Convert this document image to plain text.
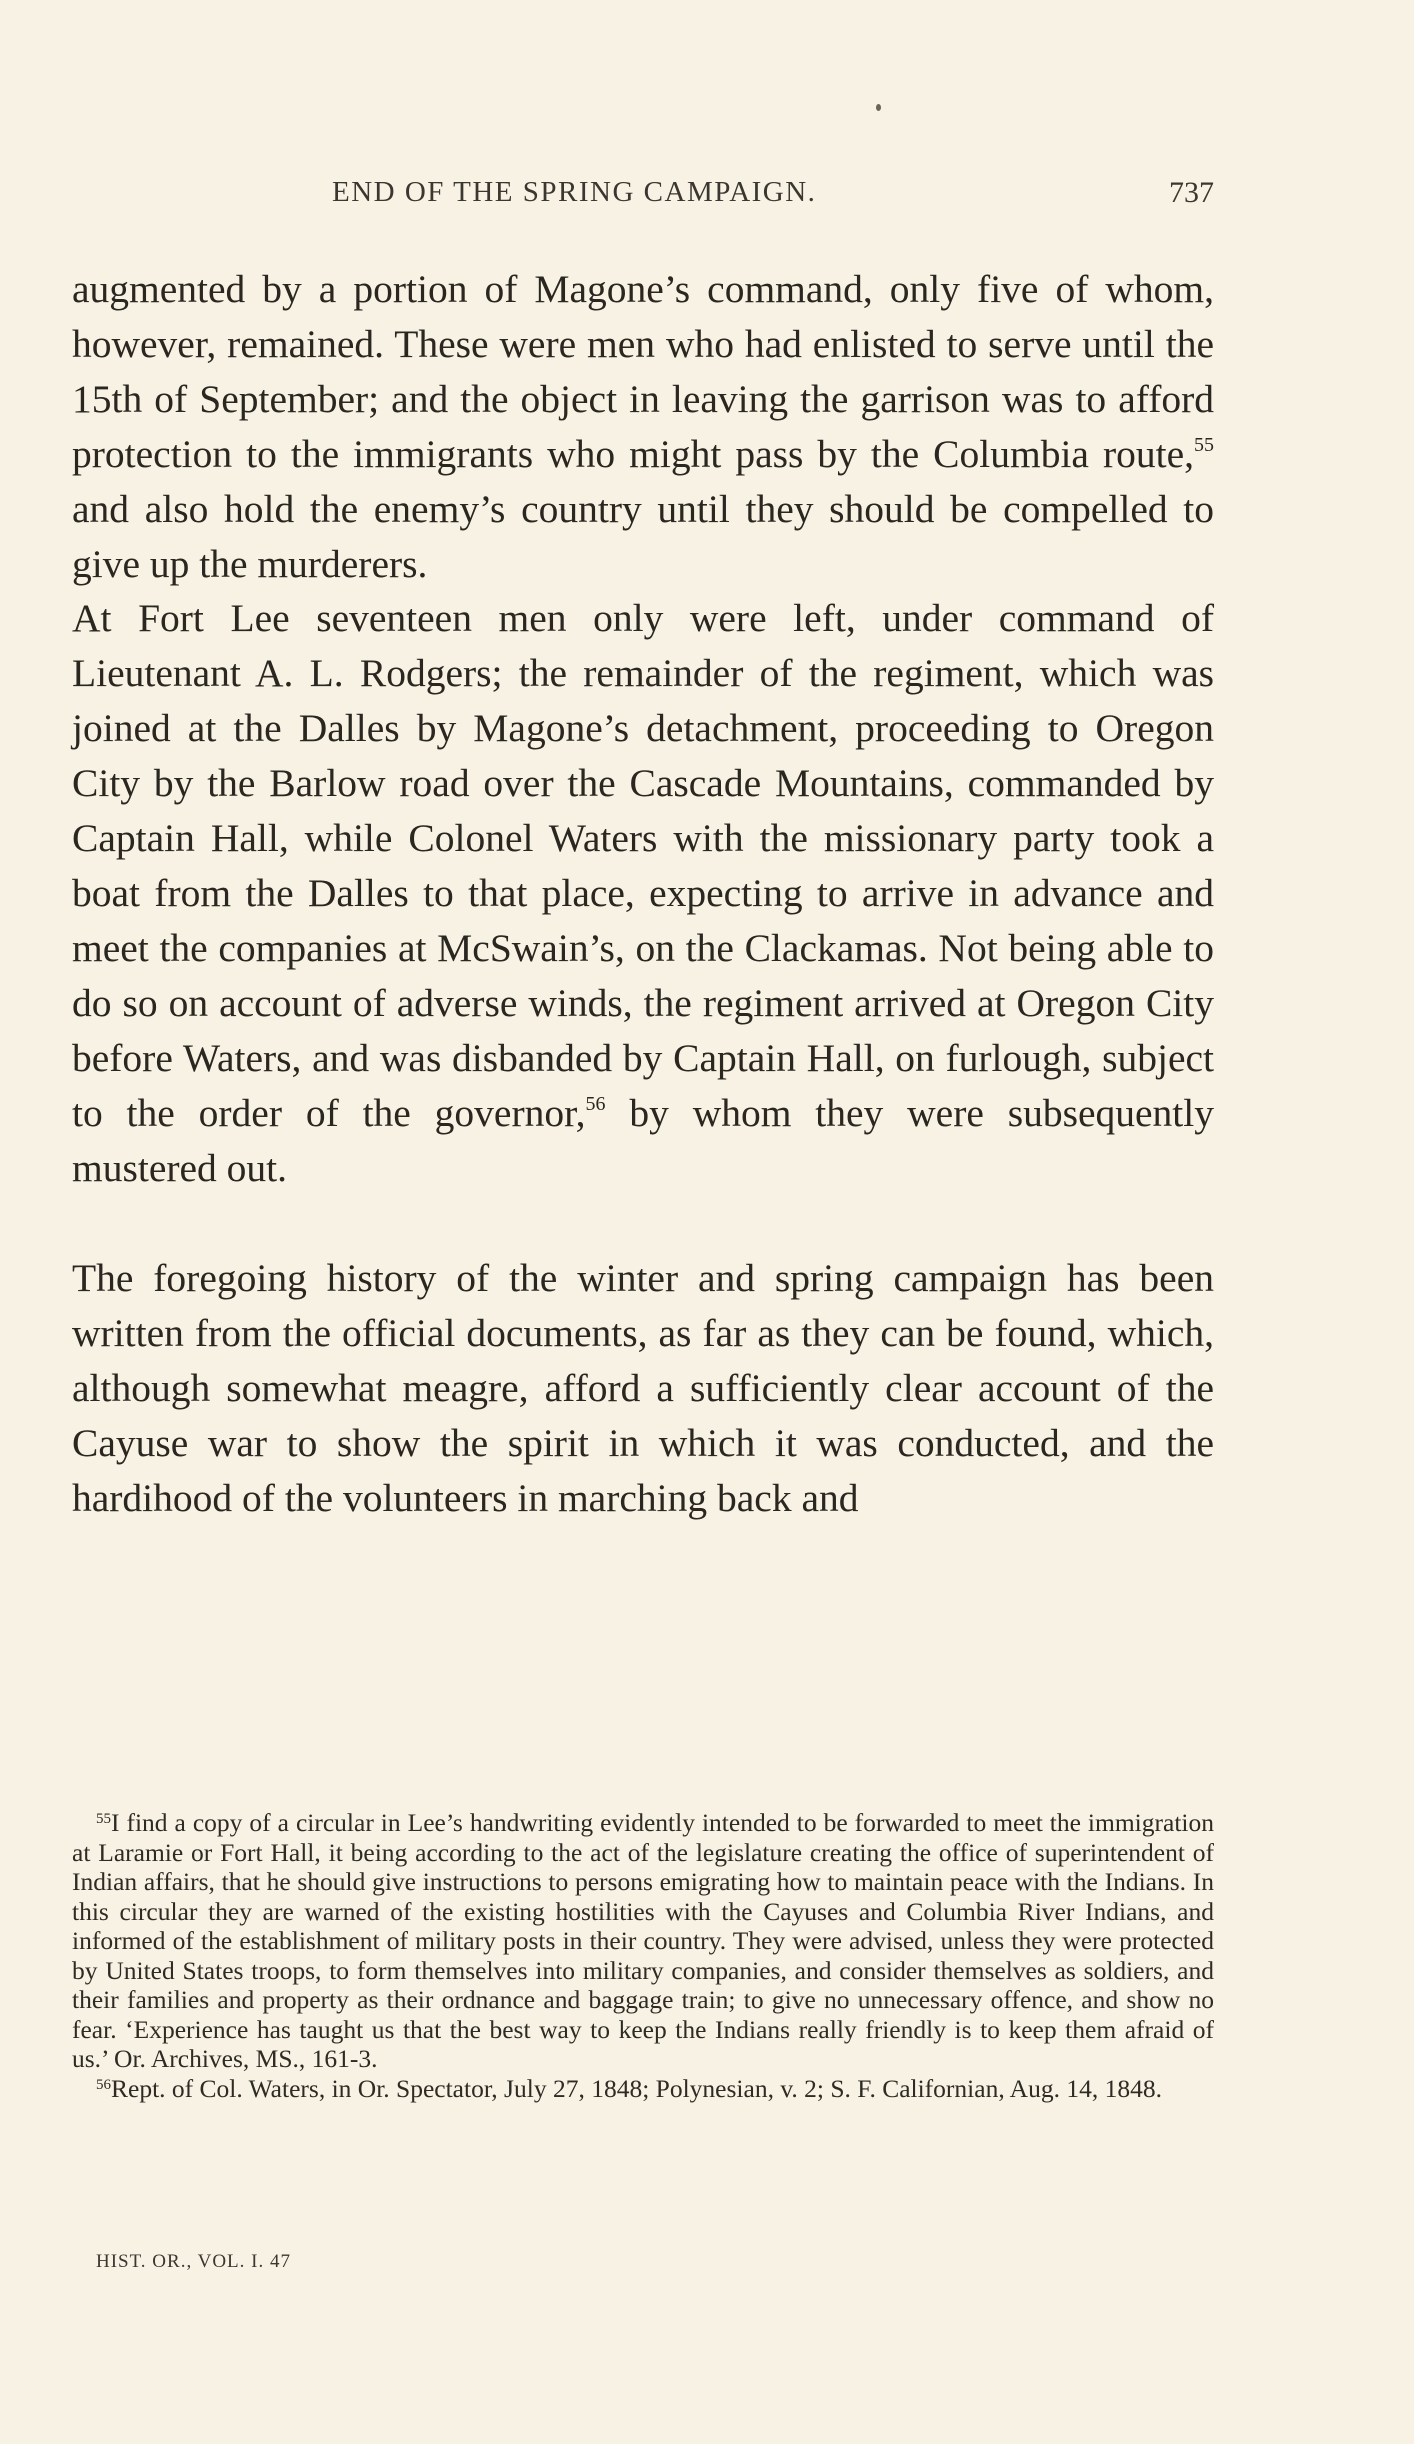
END OF THE SPRING CAMPAIGN.	737

augmented by a portion of Magone’s command, only five of whom, however, remained. These were men who had enlisted to serve until the 15th of September; and the object in leaving the garrison was to afford protection to the immigrants who might pass by the Columbia route,$^{55}$ and also hold the enemy’s country until they should be compelled to give up the murderers.

At Fort Lee seventeen men only were left, under command of Lieutenant A. L. Rodgers; the remainder of the regiment, which was joined at the Dalles by Magone’s detachment, proceeding to Oregon City by the Barlow road over the Cascade Mountains, commanded by Captain Hall, while Colonel Waters with the missionary party took a boat from the Dalles to that place, expecting to arrive in advance and meet the companies at McSwain’s, on the Clackamas. Not being able to do so on account of adverse winds, the regiment arrived at Oregon City before Waters, and was disbanded by Captain Hall, on furlough, subject to the order of the governor,$^{56}$ by whom they were subsequently mustered out.

The foregoing history of the winter and spring campaign has been written from the official documents, as far as they can be found, which, although somewhat meagre, afford a sufficiently clear account of the Cayuse war to show the spirit in which it was conducted, and the hardihood of the volunteers in marching back and

$^{55}$I find a copy of a circular in Lee’s handwriting evidently intended to be forwarded to meet the immigration at Laramie or Fort Hall, it being according to the act of the legislature creating the office of superintendent of Indian affairs, that he should give instructions to persons emigrating how to maintain peace with the Indians. In this circular they are warned of the existing hostilities with the Cayuses and Columbia River Indians, and informed of the establishment of military posts in their country. They were advised, unless they were protected by United States troops, to form themselves into military companies, and consider themselves as soldiers, and their families and property as their ordnance and baggage train; to give no unnecessary offence, and show no fear. ‘Experience has taught us that the best way to keep the Indians really friendly is to keep them afraid of us.’ Or. Archives, MS., 161-3.

$^{56}$Rept. of Col. Waters, in Or. Spectator, July 27, 1848; Polynesian, v. 2; S. F. Californian, Aug. 14, 1848.

HIST. OR., VOL. I. 47
